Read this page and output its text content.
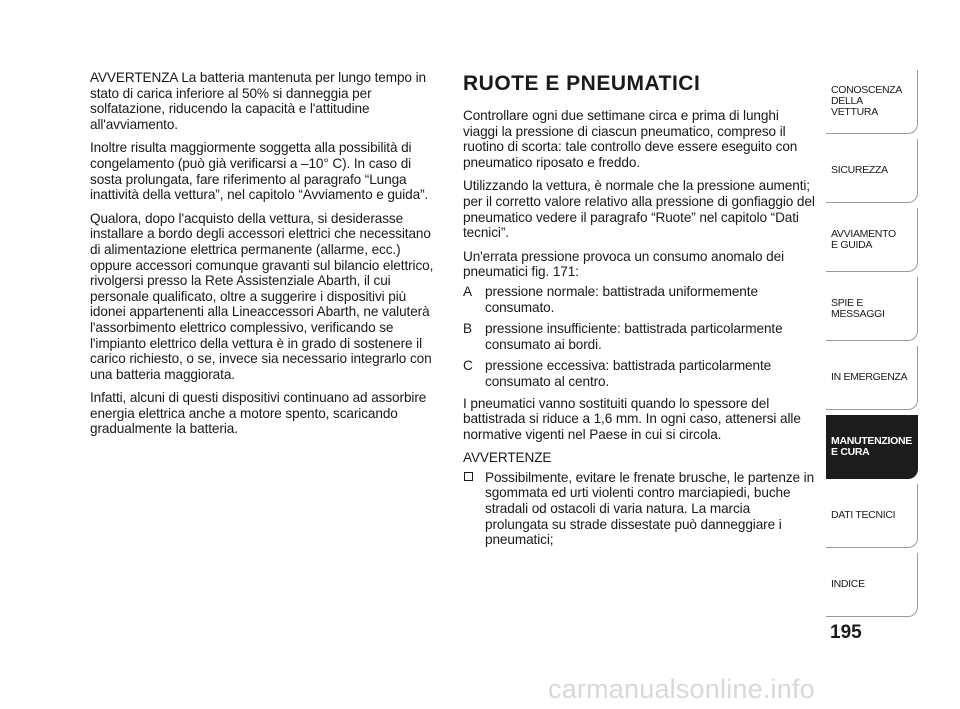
AVVERTENZA La batteria mantenuta per lungo tempo in stato di carica inferiore al 50% si danneggia per solfatazione, riducendo la capacità e l'attitudine all'avviamento.

Inoltre risulta maggiormente soggetta alla possibilità di congelamento (può già verificarsi a –10° C). In caso di sosta prolungata, fare riferimento al paragrafo “Lunga inattività della vettura”, nel capitolo “Avviamento e guida”.

Qualora, dopo l'acquisto della vettura, si desiderasse installare a bordo degli accessori elettrici che necessitano di alimentazione elettrica permanente (allarme, ecc.) oppure accessori comunque gravanti sul bilancio elettrico, rivolgersi presso la Rete Assistenziale Abarth, il cui personale qualificato, oltre a suggerire i dispositivi più idonei appartenenti alla Lineaccessori Abarth, ne valuterà l'assorbimento elettrico complessivo, verificando se l'impianto elettrico della vettura è in grado di sostenere il carico richiesto, o se, invece sia necessario integrarlo con una batteria maggiorata.

Infatti, alcuni di questi dispositivi continuano ad assorbire energia elettrica anche a motore spento, scaricando gradualmente la batteria.

RUOTE E PNEUMATICI

Controllare ogni due settimane circa e prima di lunghi viaggi la pressione di ciascun pneumatico, compreso il ruotino di scorta: tale controllo deve essere eseguito con pneumatico riposato e freddo.

Utilizzando la vettura, è normale che la pressione aumenti; per il corretto valore relativo alla pressione di gonfiaggio del pneumatico vedere il paragrafo “Ruote” nel capitolo “Dati tecnici”.

Un'errata pressione provoca un consumo anomalo dei pneumatici fig. 171:

A pressione normale: battistrada uniformemente consumato.
B pressione insufficiente: battistrada particolarmente consumato ai bordi.
C pressione eccessiva: battistrada particolarmente consumato al centro.

I pneumatici vanno sostituiti quando lo spessore del battistrada si riduce a 1,6 mm. In ogni caso, attenersi alle normative vigenti nel Paese in cui si circola.

AVVERTENZE

Possibilmente, evitare le frenate brusche, le partenze in sgommata ed urti violenti contro marciapiedi, buche stradali od ostacoli di varia natura. La marcia prolungata su strade dissestate può danneggiare i pneumatici;
CONOSCENZA
DELLA
VETTURA
SICUREZZA
AVVIAMENTO
E GUIDA
SPIE E
MESSAGGI
IN EMERGENZA
MANUTENZIONE
E CURA
DATI TECNICI
INDICE
195
carmanualsonline.info
